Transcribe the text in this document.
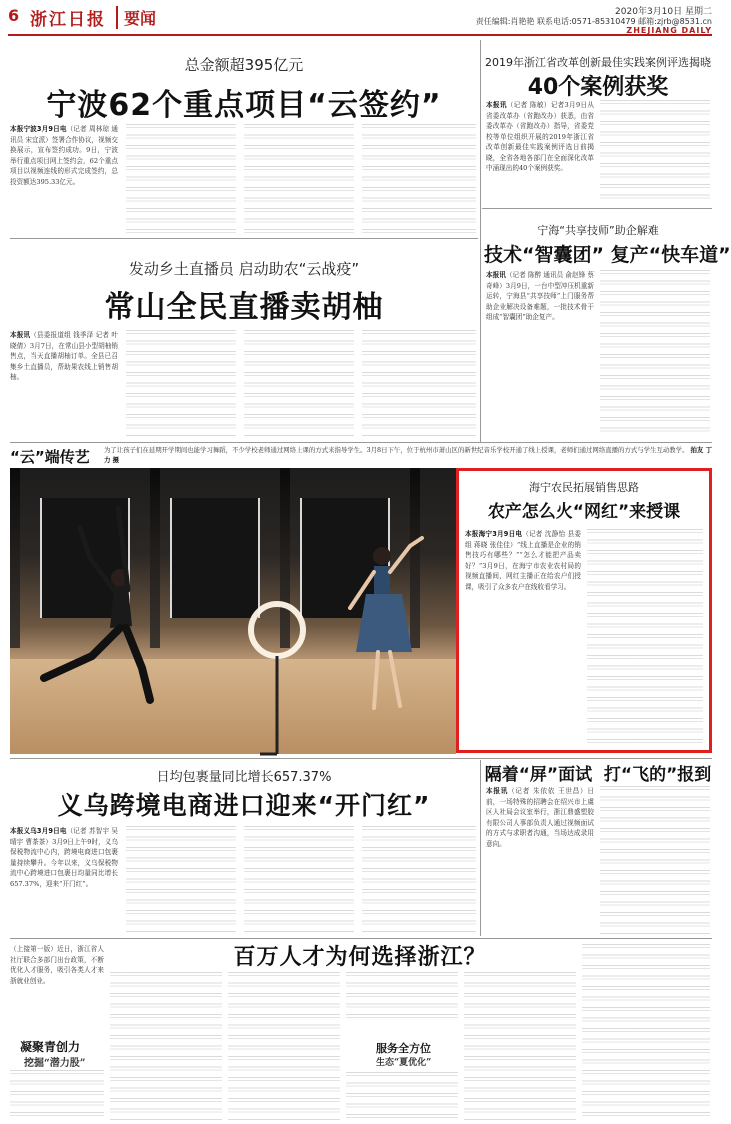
6 浙江日报	要闻	2020年3月10日 星期二
责任编辑:肖艳艳 联系电话:0571-85310479 邮箱:zjrb@8531.cn
ZHEJIANG DAILY
总金额超395亿元
宁波62个重点项目“云签约”
本报宁波3月9日电（记者 周林琼 通讯员 宋宜派）签署合作协议，视频交换展示，宣布签约成功。9日，宁波举行重点项目网上签约会，62个重点项目以视频连线的形式完成签约，总投资额达395.33亿元。
发动乡土直播员 启动助农“云战疫”
常山全民直播卖胡柚
本报讯（县委报道组 钱季泽 记者 叶晓倩）3月7日，在常山县小型胡柚销售点，当天直播胡柚订单。全县已召集乡土直播员，帮助果农线上销售胡柚。
2019年浙江省改革创新最佳实践案例评选揭晓
40个案例获奖
本报讯（记者 陈敏）记者3月9日从省委改革办（省跑改办）获悉，由省委改革办（省跑改办）指导，省委党校等单位组织开展的2019年浙江省改革创新最佳实践案例评选日前揭晓，全省各地各部门在全面深化改革中涌现出的40个案例获奖。
宁海“共享技师”助企解难
技术“智囊团” 复产“快车道”
本报讯（记者 陈醉 通讯员 俞赵锋 蔡奇峰）3月9日，一台中型冲压机重新运转，宁海县“共享技师”上门服务帮助企业解决设备难题，一批技术骨干组成“智囊团”助企复产。
“云”端传艺	为了让孩子们在延期开学期间也能学习舞蹈，不少学校老师通过网络上课的方式来指导学生。3月8日下午，位于杭州市萧山区的新世纪音乐学校开通了线上授课，老师们通过网络直播的方式与学生互动教学。 拍友 丁力 摄
海宁农民拓展销售思路
农产怎么火“网红”来授课
本报海宁3月9日电（记者 沈静怡 县委组 蒋晓 张佳佳）“线上直播是企业的销售技巧有哪些？”“怎么才能把产品卖好？”3月9日，在海宁市农业农村局的视频直播间，网红主播正在给农户们授课，吸引了众多农户在线收看学习。
隔着“屏”面试 打“飞的”报到
本报讯（记者 朱依依 王世昌）日前，一场特殊的招聘会在绍兴市上虞区人社局会议室举行，浙江鼎盛塑胶有限公司人事部负责人通过视频面试的方式与求职者沟通，当场达成录用意向。
日均包裹量同比增长657.37%
义乌跨境电商进口迎来“开门红”
本报义乌3月9日电（记者 苏智宇 吴晴宇 曹茶茶）3月9日上午9时，义乌保税物流中心内，跨境电商进口包裹量持续攀升。今年以来，义乌保税物流中心跨境进口包裹日均量同比增长657.37%，迎来“开门红”。
百万人才为何选择浙江？
（上接第一版）近日，浙江省人社厅联合多部门出台政策，不断优化人才服务，吸引各类人才来浙就业创业。
凝聚青创力
挖掘“潜力股”
服务全方位
生态“夏优化”
